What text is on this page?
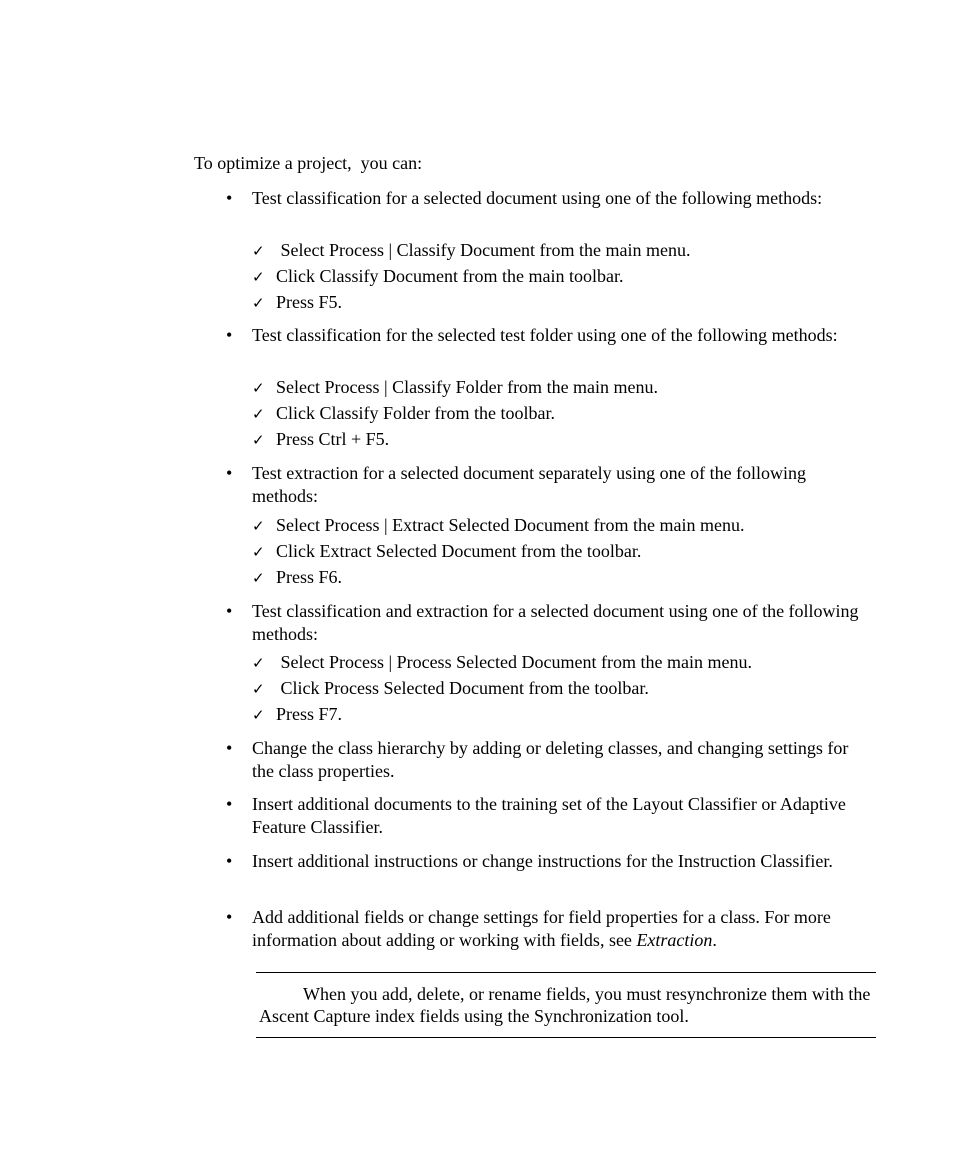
To optimize a project,  you can:
• Test classification for a selected document using one of the following methods:
✓ Select Process | Classify Document from the main menu.
✓ Click Classify Document from the main toolbar.
✓ Press F5.
• Test classification for the selected test folder using one of the following methods:
✓ Select Process | Classify Folder from the main menu.
✓ Click Classify Folder from the toolbar.
✓ Press Ctrl + F5.
• Test extraction for a selected document separately using one of the following methods:
✓ Select Process | Extract Selected Document from the main menu.
✓ Click Extract Selected Document from the toolbar.
✓ Press F6.
• Test classification and extraction for a selected document using one of the following methods:
✓ Select Process | Process Selected Document from the main menu.
✓ Click Process Selected Document from the toolbar.
✓ Press F7.
• Change the class hierarchy by adding or deleting classes, and changing settings for the class properties.
• Insert additional documents to the training set of the Layout Classifier or Adaptive Feature Classifier.
• Insert additional instructions or change instructions for the Instruction Classifier.
• Add additional fields or change settings for field properties for a class. For more information about adding or working with fields, see Extraction.
When you add, delete, or rename fields, you must resynchronize them with the Ascent Capture index fields using the Synchronization tool.
